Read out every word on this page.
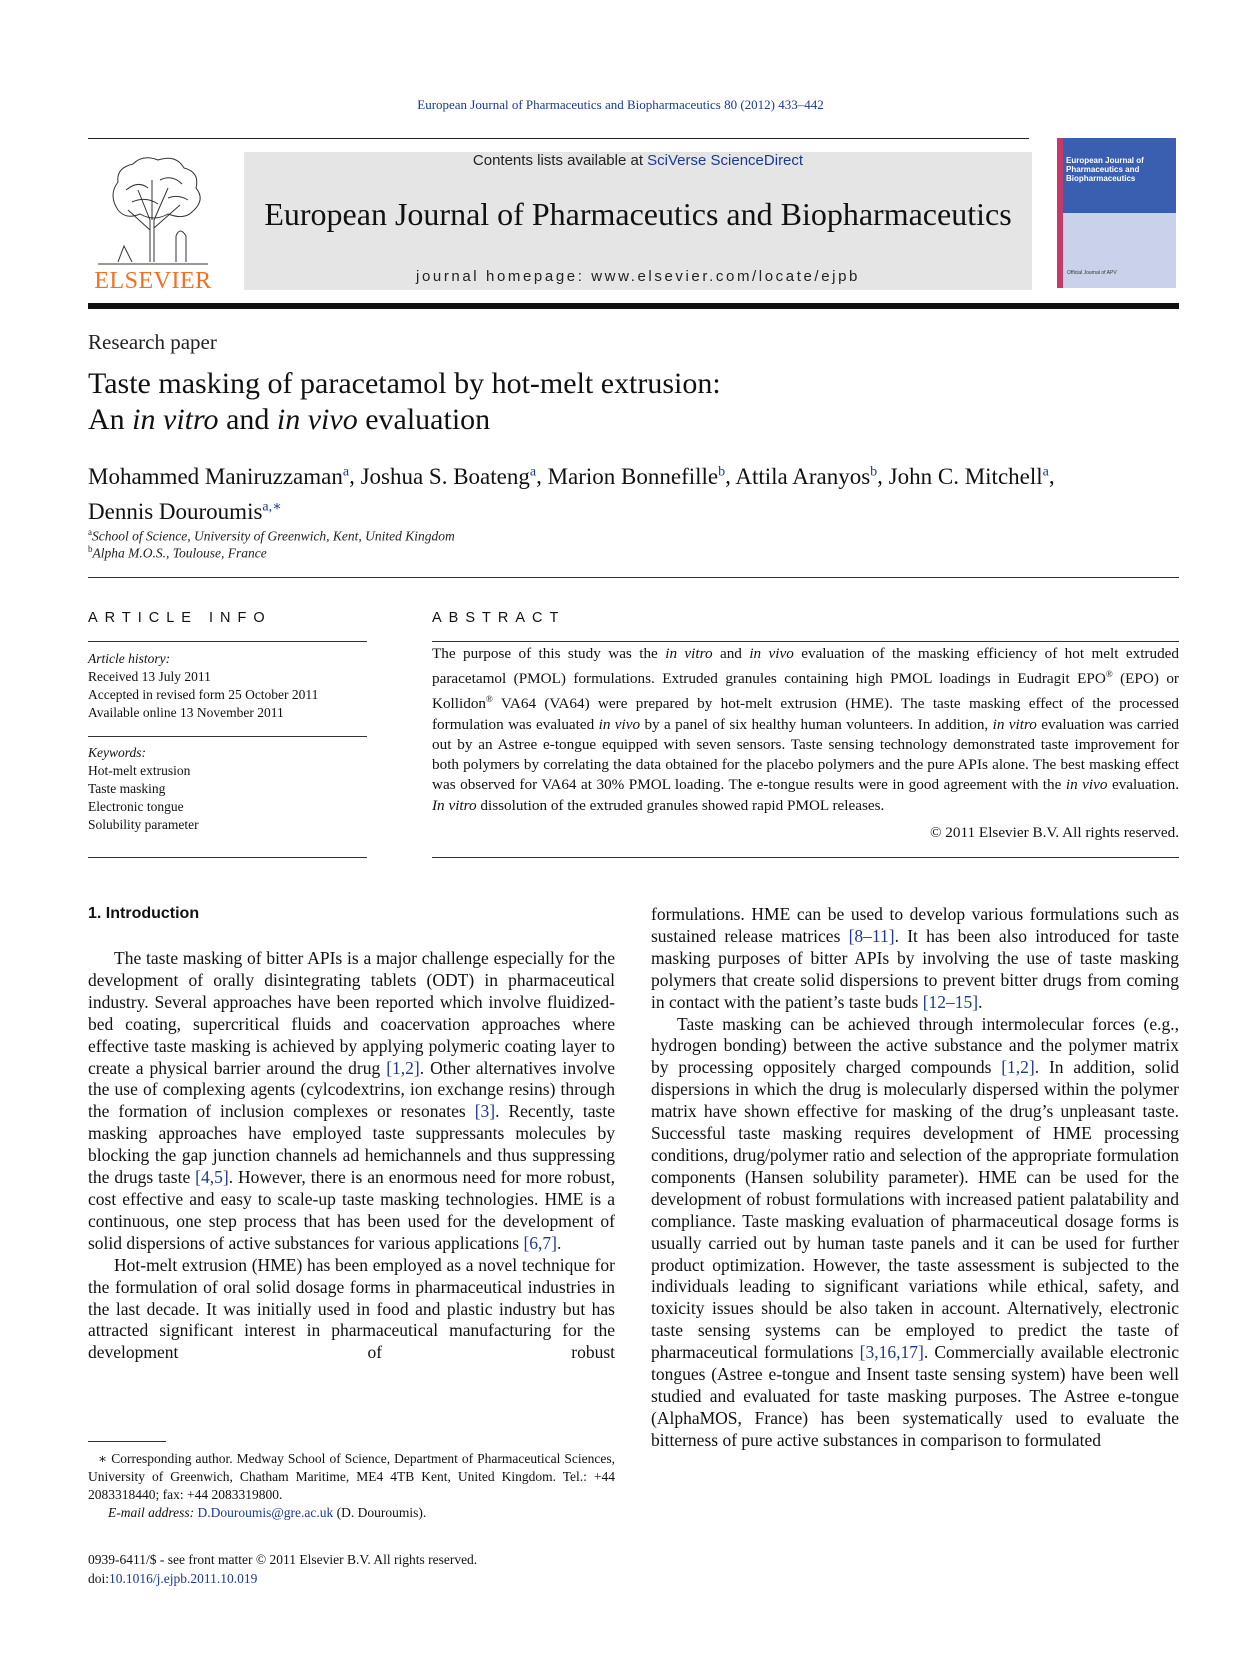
European Journal of Pharmaceutics and Biopharmaceutics 80 (2012) 433–442
ELSEVIER
Contents lists available at SciVerse ScienceDirect
European Journal of Pharmaceutics and Biopharmaceutics
journal homepage: www.elsevier.com/locate/ejpb
European Journal of Pharmaceutics and Biopharmaceutics
Official Journal of APV
Research paper
Taste masking of paracetamol by hot-melt extrusion:
An in vitro and in vivo evaluation
Mohammed Maniruzzaman$^a$, Joshua S. Boateng$^a$, Marion Bonnefille$^b$, Attila Aranyos$^b$, John C. Mitchell$^a$,
Dennis Douroumis$^{a,∗}$
$^a$School of Science, University of Greenwich, Kent, United Kingdom
$^b$Alpha M.O.S., Toulouse, France
ARTICLE INFO
Article history:
Received 13 July 2011
Accepted in revised form 25 October 2011
Available online 13 November 2011
Keywords:
Hot-melt extrusion
Taste masking
Electronic tongue
Solubility parameter
ABSTRACT
The purpose of this study was the in vitro and in vivo evaluation of the masking efficiency of hot melt extruded paracetamol (PMOL) formulations. Extruded granules containing high PMOL loadings in Eudragit EPO® (EPO) or Kollidon® VA64 (VA64) were prepared by hot-melt extrusion (HME). The taste masking effect of the processed formulation was evaluated in vivo by a panel of six healthy human volunteers. In addition, in vitro evaluation was carried out by an Astree e-tongue equipped with seven sensors. Taste sensing technology demonstrated taste improvement for both polymers by correlating the data obtained for the placebo polymers and the pure APIs alone. The best masking effect was observed for VA64 at 30% PMOL loading. The e-tongue results were in good agreement with the in vivo evaluation. In vitro dissolution of the extruded granules showed rapid PMOL releases.
© 2011 Elsevier B.V. All rights reserved.
1. Introduction

The taste masking of bitter APIs is a major challenge especially for the development of orally disintegrating tablets (ODT) in pharmaceutical industry. Several approaches have been reported which involve fluidized-bed coating, supercritical fluids and coacervation approaches where effective taste masking is achieved by applying polymeric coating layer to create a physical barrier around the drug [1,2]. Other alternatives involve the use of complexing agents (cylcodextrins, ion exchange resins) through the formation of inclusion complexes or resonates [3]. Recently, taste masking approaches have employed taste suppressants molecules by blocking the gap junction channels ad hemichannels and thus suppressing the drugs taste [4,5]. However, there is an enormous need for more robust, cost effective and easy to scale-up taste masking technologies. HME is a continuous, one step process that has been used for the development of solid dispersions of active substances for various applications [6,7].

Hot-melt extrusion (HME) has been employed as a novel technique for the formulation of oral solid dosage forms in pharmaceutical industries in the last decade. It was initially used in food and plastic industry but has attracted significant interest in pharmaceutical manufacturing for the development of robust

formulations. HME can be used to develop various formulations such as sustained release matrices [8–11]. It has been also introduced for taste masking purposes of bitter APIs by involving the use of taste masking polymers that create solid dispersions to prevent bitter drugs from coming in contact with the patient’s taste buds [12–15].

Taste masking can be achieved through intermolecular forces (e.g., hydrogen bonding) between the active substance and the polymer matrix by processing oppositely charged compounds [1,2]. In addition, solid dispersions in which the drug is molecularly dispersed within the polymer matrix have shown effective for masking of the drug’s unpleasant taste. Successful taste masking requires development of HME processing conditions, drug/polymer ratio and selection of the appropriate formulation components (Hansen solubility parameter). HME can be used for the development of robust formulations with increased patient palatability and compliance. Taste masking evaluation of pharmaceutical dosage forms is usually carried out by human taste panels and it can be used for further product optimization. However, the taste assessment is subjected to the individuals leading to significant variations while ethical, safety, and toxicity issues should be also taken in account. Alternatively, electronic taste sensing systems can be employed to predict the taste of pharmaceutical formulations [3,16,17]. Commercially available electronic tongues (Astree e-tongue and Insent taste sensing system) have been well studied and evaluated for taste masking purposes. The Astree e-tongue (AlphaMOS, France) has been systematically used to evaluate the bitterness of pure active substances in comparison to formulated

∗ Corresponding author. Medway School of Science, Department of Pharmaceutical Sciences, University of Greenwich, Chatham Maritime, ME4 4TB Kent, United Kingdom. Tel.: +44 2083318440; fax: +44 2083319800.
E-mail address: D.Douroumis@gre.ac.uk (D. Douroumis).
0939-6411/$ - see front matter © 2011 Elsevier B.V. All rights reserved.
doi:10.1016/j.ejpb.2011.10.019
